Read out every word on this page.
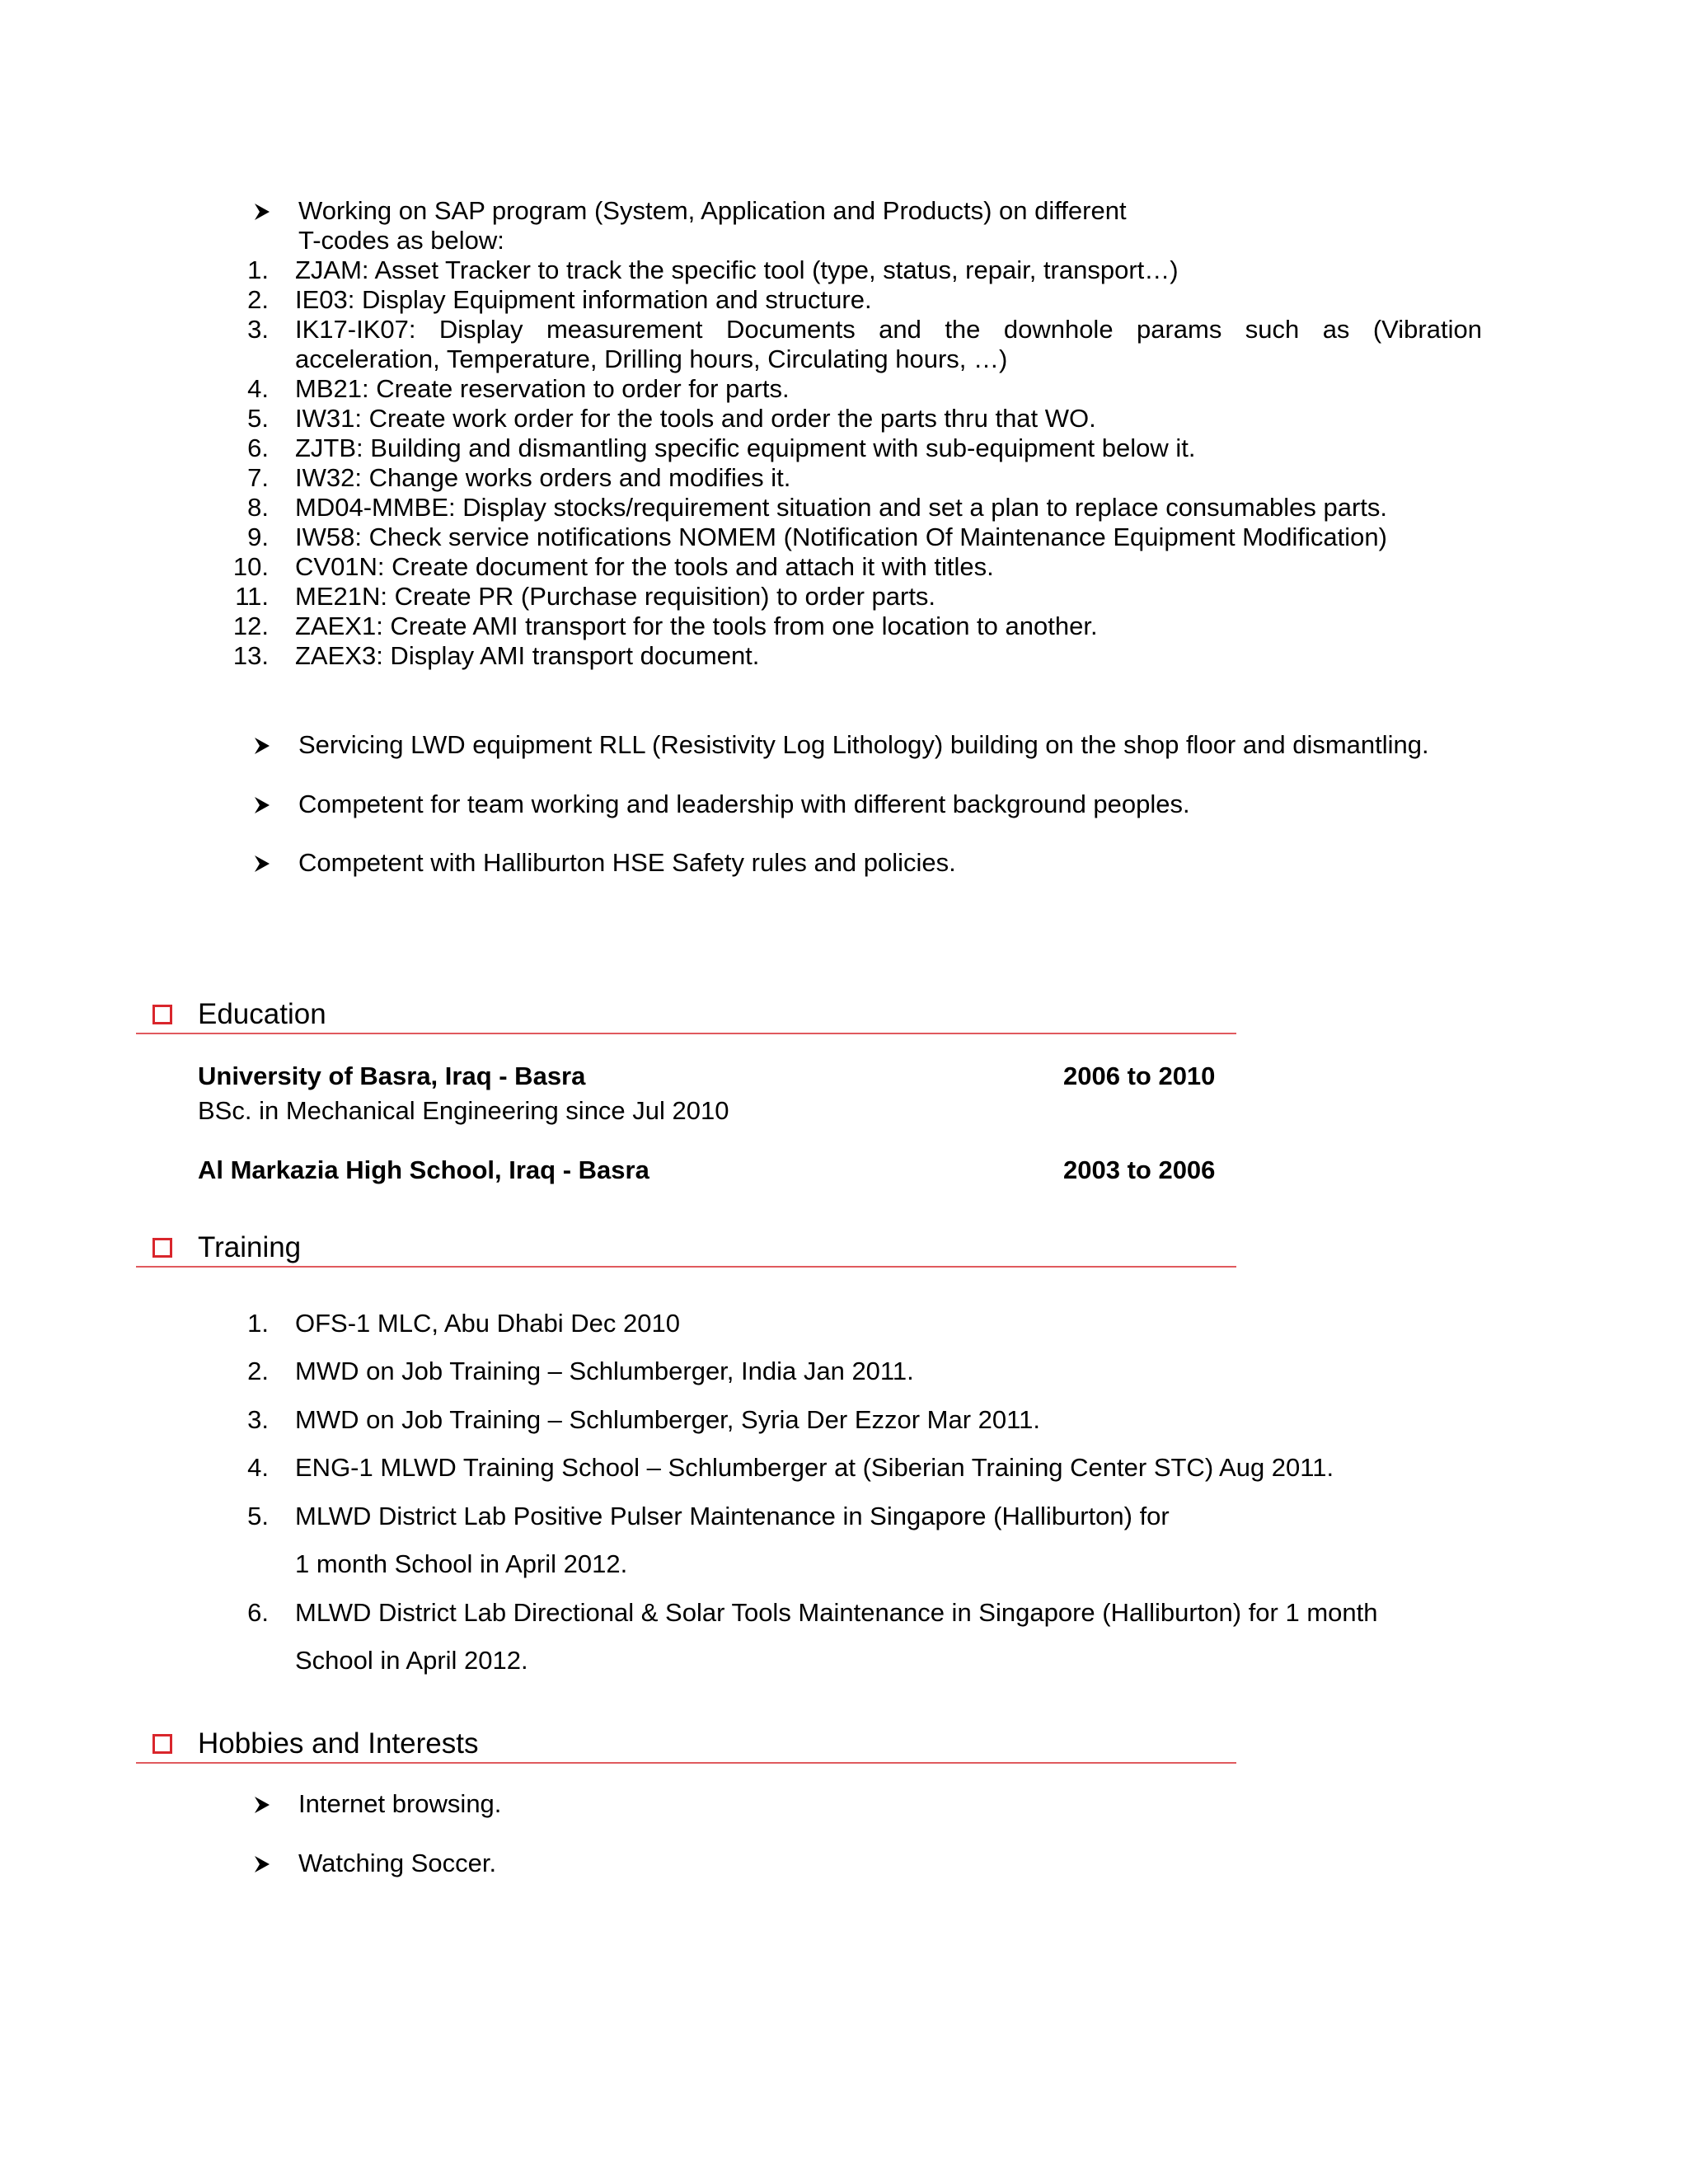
Working on SAP program (System, Application and Products) on different
T-codes as below:
1. ZJAM: Asset Tracker to track the specific tool (type, status, repair, transport…)
2. IE03: Display Equipment information and structure.
3. IK17-IK07: Display measurement Documents and the downhole params such as (Vibration
acceleration, Temperature, Drilling hours, Circulating hours, …)
4. MB21: Create reservation to order for parts.
5. IW31: Create work order for the tools and order the parts thru that WO.
6. ZJTB: Building and dismantling specific equipment with sub-equipment below it.
7. IW32: Change works orders and modifies it.
8. MD04-MMBE: Display stocks/requirement situation and set a plan to replace consumables parts.
9. IW58: Check service notifications NOMEM (Notification Of Maintenance Equipment Modification)
10. CV01N: Create document for the tools and attach it with titles.
11. ME21N: Create PR (Purchase requisition) to order parts.
12. ZAEX1: Create AMI transport for the tools from one location to another.
13. ZAEX3: Display AMI transport document.
Servicing LWD equipment RLL (Resistivity Log Lithology) building on the shop floor and dismantling.
Competent for team working and leadership with different background peoples.
Competent with Halliburton HSE Safety rules and policies.
Education
University of Basra, Iraq - Basra	2006 to 2010
BSc. in Mechanical Engineering since Jul 2010
Al Markazia High School, Iraq - Basra	2003 to 2006
Training
1. OFS-1 MLC, Abu Dhabi Dec 2010
2. MWD on Job Training – Schlumberger, India Jan 2011.
3. MWD on Job Training – Schlumberger, Syria Der Ezzor Mar 2011.
4. ENG-1 MLWD Training School – Schlumberger at (Siberian Training Center STC) Aug 2011.
5. MLWD District Lab Positive Pulser Maintenance in Singapore (Halliburton) for
1 month School in April 2012.
6. MLWD District Lab Directional & Solar Tools Maintenance in Singapore (Halliburton) for 1 month
School in April 2012.
Hobbies and Interests
Internet browsing.
Watching Soccer.
